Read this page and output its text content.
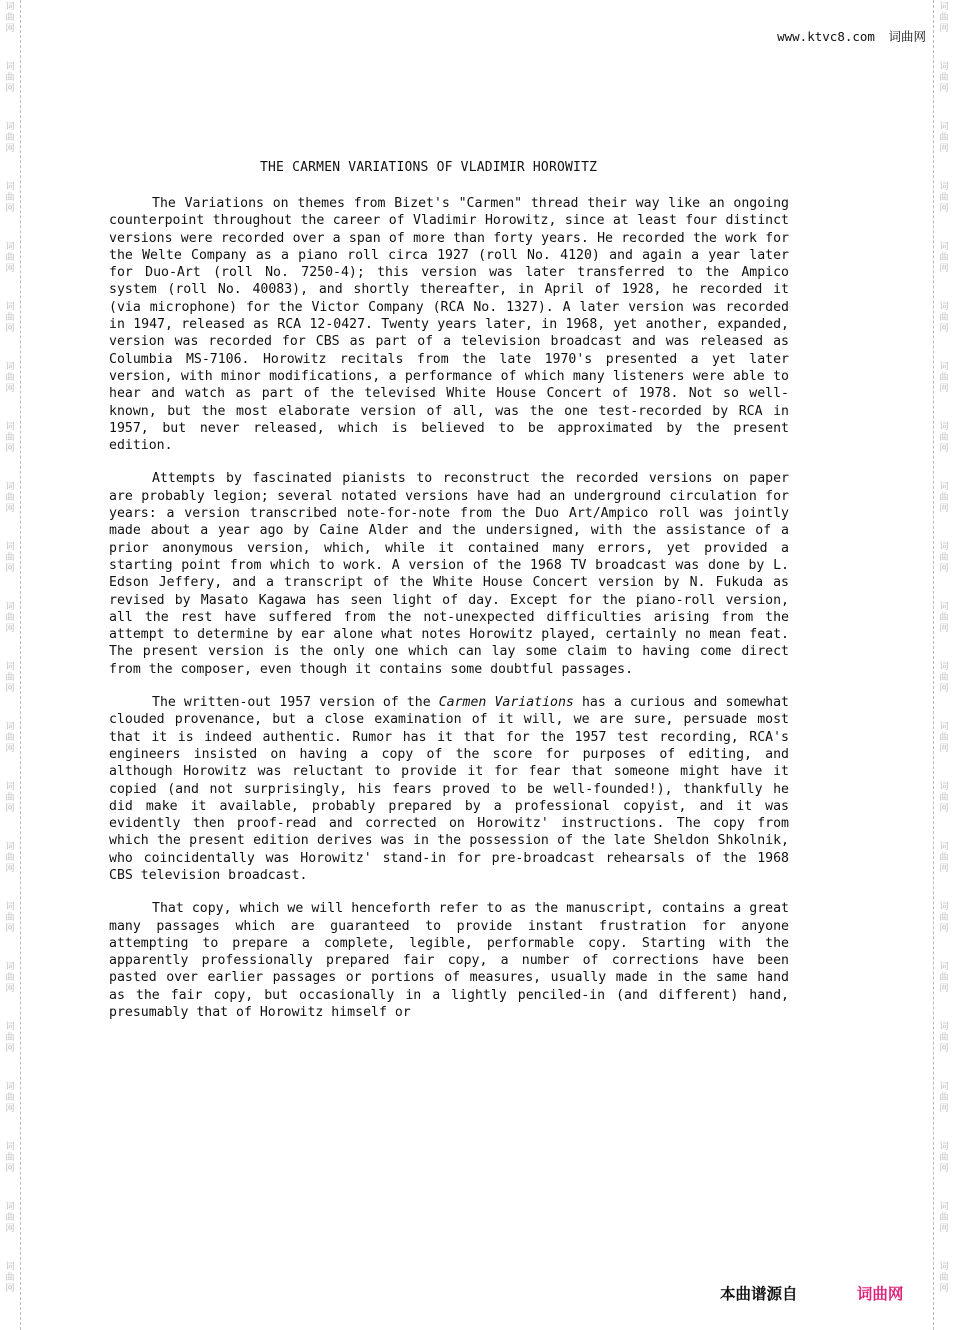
词
曲
网
词
曲
网
词
曲
网
词
曲
网
词
曲
网
词
曲
网
词
曲
网
词
曲
网
词
曲
网
词
曲
网
词
曲
网
词
曲
网
词
曲
网
词
曲
网
词
曲
网
词
曲
网
词
曲
网
词
曲
网
词
曲
网
词
曲
网
词
曲
网
词
曲
网
词
曲
网
词
曲
网
词
曲
网
词
曲
网
词
曲
网
词
曲
网
词
曲
网
词
曲
网
词
曲
网
词
曲
网
词
曲
网
词
曲
网
词
曲
网
词
曲
网
词
曲
网
词
曲
网
词
曲
网
词
曲
网
词
曲
网
词
曲
网
词
曲
网
词
曲
网
www.ktvc8.com 词曲网
THE CARMEN VARIATIONS OF VLADIMIR HOROWITZ

The Variations on themes from Bizet's "Carmen" thread their way like an ongoing counterpoint throughout the career of Vladimir Horowitz, since at least four distinct versions were recorded over a span of more than forty years. He recorded the work for the Welte Company as a piano roll circa 1927 (roll No. 4120) and again a year later for Duo-Art (roll No. 7250-4); this version was later transferred to the Ampico system (roll No. 40083), and shortly thereafter, in April of 1928, he recorded it (via microphone) for the Victor Company (RCA No. 1327). A later version was recorded in 1947, released as RCA 12-0427. Twenty years later, in 1968, yet another, expanded, version was recorded for CBS as part of a television broadcast and was released as Columbia MS-7106. Horowitz recitals from the late 1970's presented a yet later version, with minor modifications, a performance of which many listeners were able to hear and watch as part of the televised White House Concert of 1978. Not so well-known, but the most elaborate version of all, was the one test-recorded by RCA in 1957, but never released, which is believed to be approximated by the present edition.

Attempts by fascinated pianists to reconstruct the recorded versions on paper are probably legion; several notated versions have had an underground circulation for years: a version transcribed note-for-note from the Duo Art/Ampico roll was jointly made about a year ago by Caine Alder and the undersigned, with the assistance of a prior anonymous version, which, while it contained many errors, yet provided a starting point from which to work. A version of the 1968 TV broadcast was done by L. Edson Jeffery, and a transcript of the White House Concert version by N. Fukuda as revised by Masato Kagawa has seen light of day. Except for the piano-roll version, all the rest have suffered from the not-unexpected difficulties arising from the attempt to determine by ear alone what notes Horowitz played, certainly no mean feat. The present version is the only one which can lay some claim to having come direct from the composer, even though it contains some doubtful passages.

The written-out 1957 version of the Carmen Variations has a curious and somewhat clouded provenance, but a close examination of it will, we are sure, persuade most that it is indeed authentic. Rumor has it that for the 1957 test recording, RCA's engineers insisted on having a copy of the score for purposes of editing, and although Horowitz was reluctant to provide it for fear that someone might have it copied (and not surprisingly, his fears proved to be well-founded!), thankfully he did make it available, probably prepared by a professional copyist, and it was evidently then proof-read and corrected on Horowitz' instructions. The copy from which the present edition derives was in the possession of the late Sheldon Shkolnik, who coincidentally was Horowitz' stand-in for pre-broadcast rehearsals of the 1968 CBS television broadcast.

That copy, which we will henceforth refer to as the manuscript, contains a great many passages which are guaranteed to provide instant frustration for anyone attempting to prepare a complete, legible, performable copy. Starting with the apparently professionally prepared fair copy, a number of corrections have been pasted over earlier passages or portions of measures, usually made in the same hand as the fair copy, but occasionally in a lightly penciled-in (and different) hand, presumably that of Horowitz himself or

本曲谱源自	词曲网
